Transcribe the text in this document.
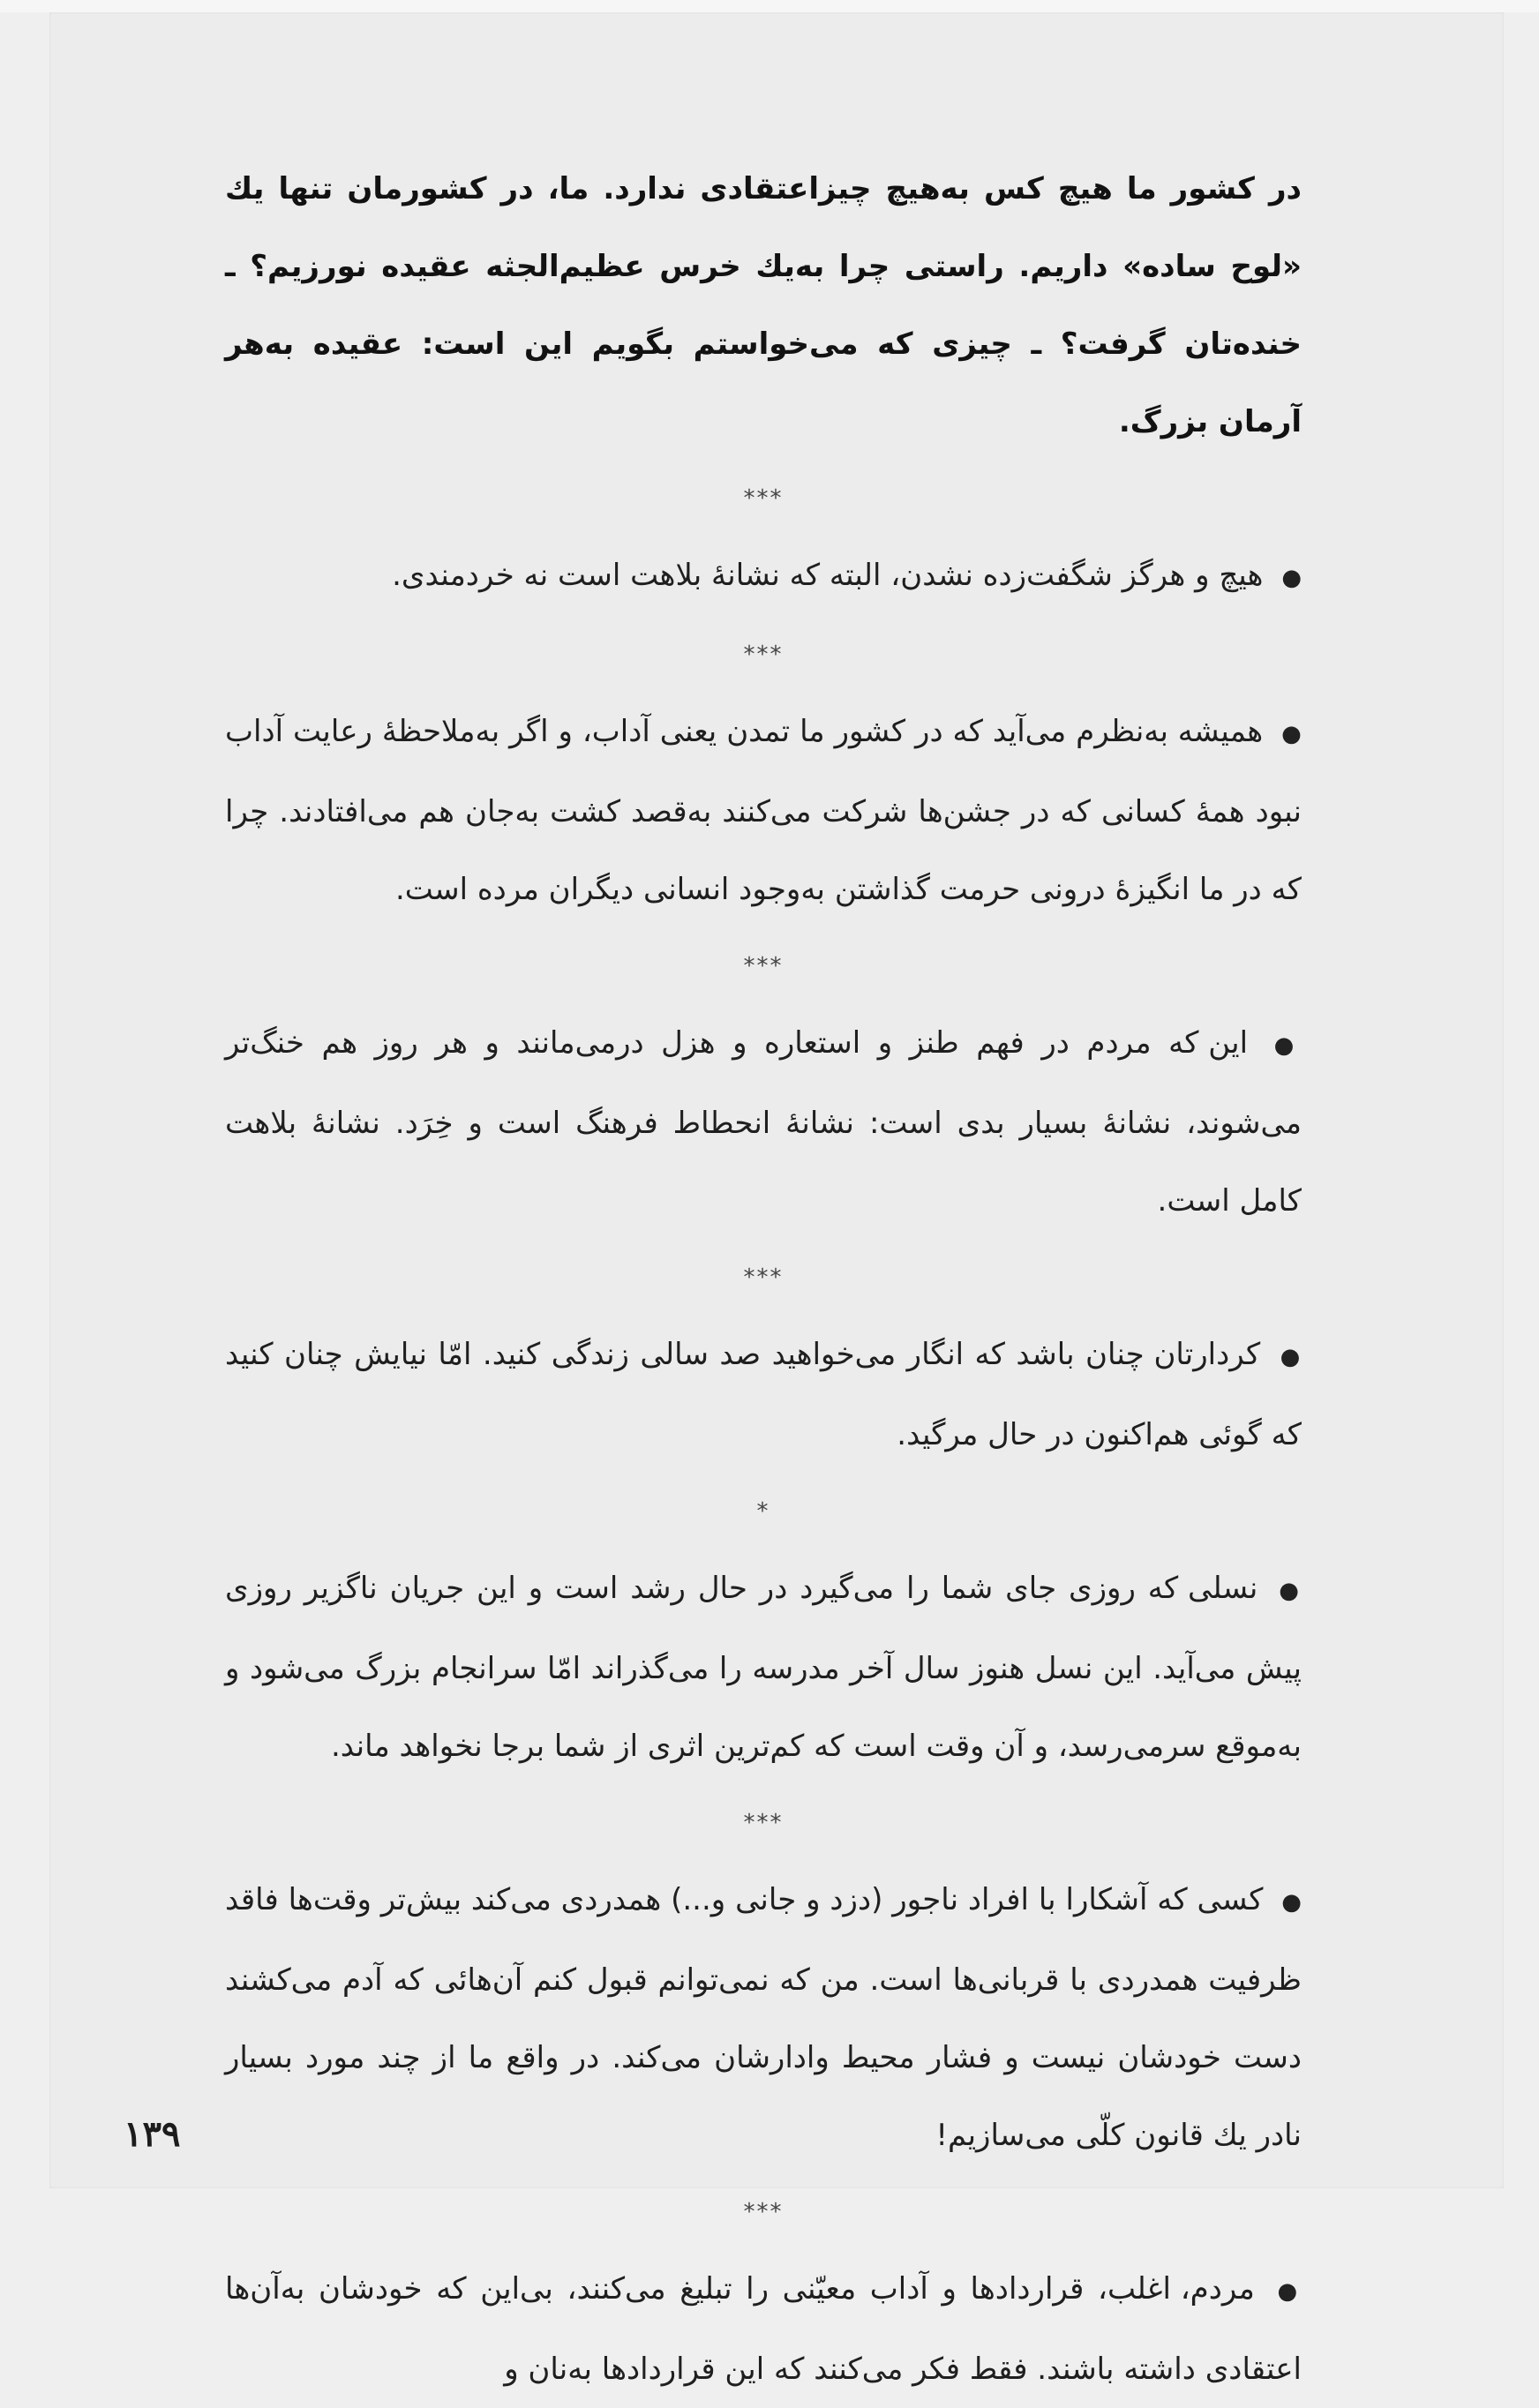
در کشور ما هیچ کس به‌هیچ چیزاعتقادی ندارد. ما، در کشورمان تنها یك «لوح ساده» داریم. راستی چرا به‌یك خرس عظیم‌الجثه عقیده نورزیم؟ ـ خنده‌تان گرفت؟ ـ چیزی که می‌خواستم بگویم این است: عقیده به‌هر آرمان بزرگ.

***

● هیچ و هرگز شگفت‌زده نشدن، البته که نشانهٔ بلاهت است نه خردمندی.

***

● همیشه به‌نظرم می‌آید که در کشور ما تمدن یعنی آداب، و اگر به‌ملاحظهٔ رعایت آداب نبود همهٔ کسانی که در جشن‌ها شرکت می‌کنند به‌قصد کشت به‌جان هم می‌افتادند. چرا که در ما انگیزهٔ درونی حرمت گذاشتن به‌وجود انسانی دیگران مرده است.

***

● این که مردم در فهم طنز و استعاره و هزل درمی‌مانند و هر روز هم خنگ‌تر می‌شوند، نشانهٔ بسیار بدی است: نشانهٔ انحطاط فرهنگ است و خِرَد. نشانهٔ بلاهت کامل است.

***

● کردارتان چنان باشد که انگار می‌خواهید صد سالی زندگی کنید. امّا نیایش چنان کنید که گوئی هم‌اکنون در حال مرگید.

*

● نسلی که روزی جای شما را می‌گیرد در حال رشد است و این جریان ناگزیر روزی پیش می‌آید. این نسل هنوز سال آخر مدرسه را می‌گذراند امّا سرانجام بزرگ می‌شود و به‌موقع سرمی‌رسد، و آن وقت است که کم‌ترین اثری از شما برجا نخواهد ماند.

***

● کسی که آشکارا با افراد ناجور (دزد و جانی و...) همدردی می‌کند بیش‌تر وقت‌ها فاقد ظرفیت همدردی با قربانی‌ها است. من که نمی‌توانم قبول کنم آن‌هائی که آدم می‌کشند دست خودشان نیست و فشار محیط وادارشان می‌کند. در واقع ما از چند مورد بسیار نادر یك قانون کلّی می‌سازیم!

***

● مردم، اغلب، قراردادها و آداب معیّنی را تبلیغ می‌کنند، بی‌این که خودشان به‌آن‌ها اعتقادی داشته باشند. فقط فکر می‌کنند که این قراردادها به‌نان و

۱۳۹
